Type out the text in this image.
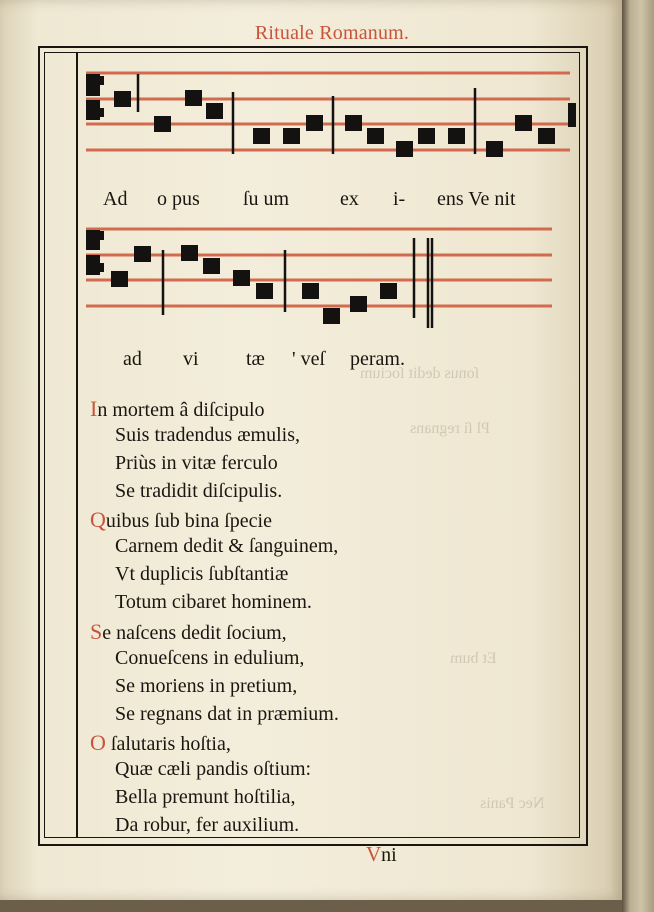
ſonus dedit ſocium
Pl ſi regnans
Et bum
Nec Panis
Rituale Romanum.
Ad o pus ſu um	ex i- ens Ve nit
ad vi tæ ' veſ peram.
In mortem â diſcipulo
Suis tradendus æmulis,
Priùs in vitæ ferculo
Se tradidit diſcipulis.
Quibus ſub bina ſpecie
Carnem dedit & ſanguinem,
Vt duplicis ſubſtantiæ
Totum cibaret hominem.
Se naſcens dedit ſocium,
Conueſcens in edulium,
Se moriens in pretium,
Se regnans dat in præmium.
O ſalutaris hoſtia,
Quæ cæli pandis oſtium:
Bella premunt hoſtilia,
Da robur, fer auxilium.
Vni
